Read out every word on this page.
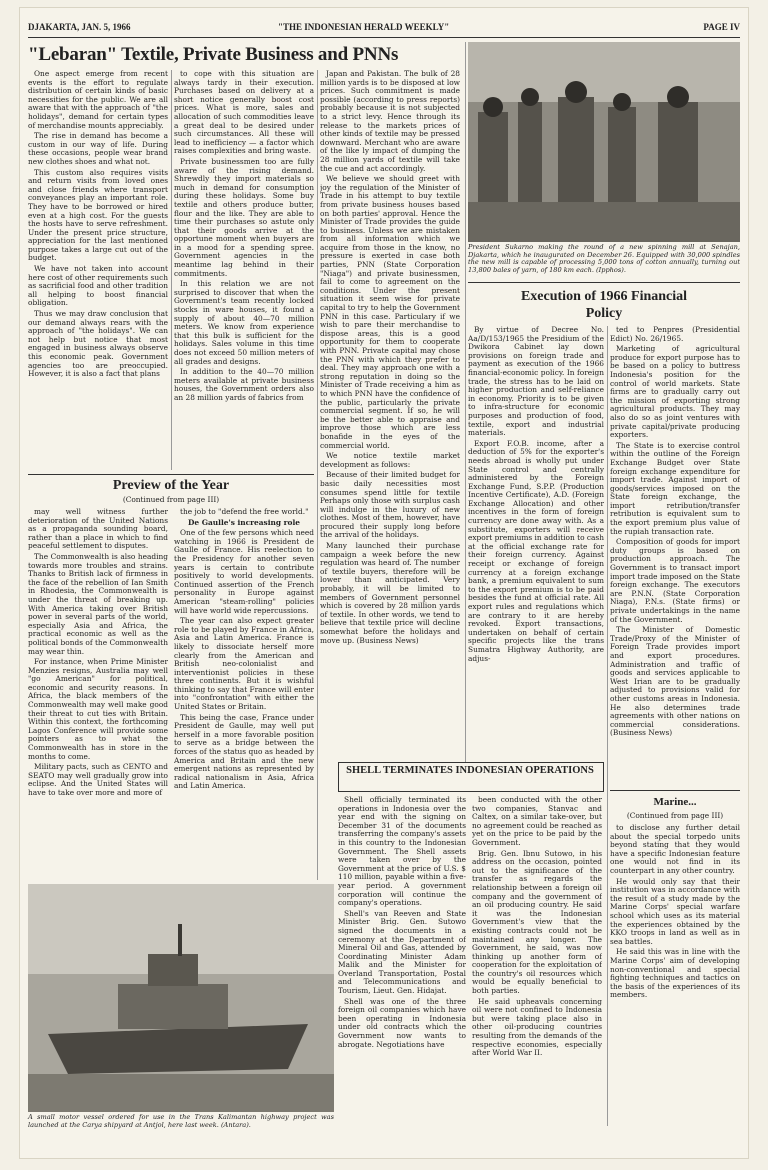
DJAKARTA, JAN. 5, 1966	"THE INDONESIAN HERALD WEEKLY"	PAGE IV
"Lebaran" Textile, Private Business and PNNs

One aspect emerge from recent events is the effort to regulate distribution of certain kinds of basic necessities for the public. We are all aware that with the approach of "the holidays", demand for certain types of merchandise mounts appreciably.

The rise in demand has become a custom in our way of life. During these occasions, people wear brand new clothes shoes and what not.

This custom also requires visits and return visits from loved ones and close friends where transport conveyances play an important role. They have to be borrowed or hired even at a high cost. For the guests the hosts have to serve refreshment. Under the present price structure, appreciation for the last mentioned purpose takes a large cut out of the budget.

We have not taken into account here cost of other requirements such as sacrificial food and other tradition all helping to boost financial obligation.

Thus we may draw conclusion that our demand always rears with the approach of "the holidays". We can not help but notice that most engaged in business always observe this economic peak. Government agencies too are preoccupied. However, it is also a fact that plans

to cope with this situation are always tardy in their execution. Purchases based on delivery at a short notice generally boost cost prices. What is more, sales and allocation of such commodities leave a great deal to be desired under such circumstances. All these will lead to inefficiency — a factor which raises complexities and bring waste.

Private businessmen too are fully aware of the rising demand. Shrewdly they import materials so much in demand for consumption during these holidays. Some buy textile and others produce butter, flour and the like. They are able to time their purchases so astute only that their goods arrive at the opportune moment when buyers are in a mood for a spending spree. Government agencies in the meantime lag behind in their commitments.

In this relation we are not surprised to discover that when the Government's team recently locked stocks in ware houses, it found a supply of about 40—70 million meters. We know from experience that this bulk is sufficient for the holidays. Sales volume in this time does not exceed 50 million meters of all grades and designs.

In addition to the 40—70 million meters available at private business houses, the Government orders also an 28 million yards of fabrics from

Japan and Pakistan. The bulk of 28 million yards is to be disposed at low prices. Such commitment is made possible (according to press reports) probably because it is not subjected to a strict levy. Hence through its release to the markets prices of other kinds of textile may be pressed downward. Merchant who are aware of the like ly impact of dumping the 28 million yards of textile will take the cue and act accordingly.

We believe we should greet with joy the regulation of the Minister of Trade in his attempt to buy textile from private business houses based on both parties' approval. Hence the Minister of Trade provides the guide to business. Unless we are mistaken from all information which we acquire from those in the know, no pressure is exerted in case both parties, PNN (State Corporation "Niaga") and private businessmen, fail to come to agreement on the conditions. Under the present situation it seem wise for private capital to try to help the Government PNN in this case. Particulary if we wish to pare their merchandise to dispose areas, this is a good opportunity for them to cooperate with PNN. Private capital may chose the PNN with which they prefer to deal. They may approach one with a strong reputation in doing so the Minister of Trade receiving a him as to which PNN have the confidence of the public, particularly the private commercial segment. If so, he will be the better able to appraise and improve those which are less bonafide in the eyes of the commercial world.

We notice textile market development as follows:

Because of their limited budget for basic daily necessities most consumes spend little for textile Perhaps only those with surplus cash will indulge in the luxury of new clothes. Most of them, however, have procured their supply long before the arrival of the holidays.

Many launched their purchase campaign a week before the new regulation was heard of. The number of textile buyers, therefore will be lower than anticipated. Very probably, it will be limited to members of Government personnel which is covered by 28 million yards of textile. In other words, we tend to believe that textile price will decline somewhat before the holidays and move up. (Business News)

President Sukarno making the round of a new spinning mill at Senajan, Djakarta, which he inaugurated on December 26. Equipped with 30,000 spindles the new mill is capable of processing 5,000 tons of cotton annually, turning out 13,800 bales of yarn, of 180 km each. (Ipphos).
Execution of 1966 Financial
Policy

By virtue of Decree No. Aa/D/153/1965 the Presidium of the Dwikora Cabinet lay down provisions on foreign trade and payment as execution of the 1966 financial-economic policy. In foreign trade, the stress has to be laid on higher production and self-reliance in economy. Priority is to be given to infra-structure for economic purposes and production of food, textile, export and industrial materials.

Export F.O.B. income, after a deduction of 5% for the exporter's needs abroad is wholly put under State control and centrally administered by the Foreign Exchange Fund, S.P.P. (Production Incentive Certificate), A.D. (Foreign Exchange Allocation) and other incentives in the form of foreign currency are done away with. As a substitute, exporters will receive export premiums in addition to cash at the official exchange rate for their foreign currency. Against receipt or exchange of foreign currency at a foreign exchange bank, a premium equivalent to sum to the export premium is to be paid besides the fund at official rate. All export rules and regulations which are contrary to it are hereby revoked. Export transactions, undertaken on behalf of certain specific projects like the trans Sumatra Highway Authority, are adjus-

ted to Penpres (Presidential Edict) No. 26/1965.

Marketing of agricultural produce for export purpose has to be based on a policy to buttress Indonesia's position for the control of world markets. State firms are to gradually carry out the mission of exporting strong agricultural products. They may also do so as joint ventures with private capital/private producing exporters.

The State is to exercise control within the outline of the Foreign Exchange Budget over State foreign exchange expenditure for import trade. Against import of goods/services imposed on the State foreign exchange, the import retribution/transfer retribution is equivalent sum to the export premium plus value of the rupiah transaction rate.

Composition of goods for import duty groups is based on production approach. The Government is to transact import import trade imposed on the State foreign exchange. The executors are P.N.N. (State Corporation Niaga), P.N.s. (State firms) or private undertakings in the name of the Government.

The Minister of Domestic Trade/Proxy of the Minister of Foreign Trade provides import and export procedures. Administration and traffic of goods and services applicable to West Irian are to be gradually adjusted to provisions valid for other customs areas in Indonesia. He also determines trade agreements with other nations on commercial considerations. (Business News)

Preview of the Year
(Continued from page III)

may well witness further deterioration of the United Nations as a propaganda sounding board, rather than a place in which to find peaceful settlement to disputes.

The Commonwealth is also heading towards more troubles and strains. Thanks to British lack of firmness in the face of the rebellion of Ian Smith in Rhodesia, the Commonwealth is under the threat of breaking up. With America taking over British power in several parts of the world, especially Asia and Africa, the practical economic as well as the political bonds of the Commonwealth may wear thin.

For instance, when Prime Minister Menzies resigns, Australia may well "go American" for political, economic and security reasons. In Africa, the black members of the Commonwealth may well make good their threat to cut ties with Britain. Within this context, the forthcoming Lagos Conference will provide some pointers as to what the Commonwealth has in store in the months to come.

Military pacts, such as CENTO and SEATO may well gradually grow into eclipse. And the United States will have to take over more and more of

the job to "defend the free world."

De Gaulle's increasing role

One of the few persons which need watching in 1966 is President de Gaulle of France. His reelection to the Presidency for another seven years is certain to contribute positively to world developments. Continued assertion of the French personality in Europe against American "steam-rolling" policies will have world wide repercussions.

The year can also expect greater role to be played by France in Africa, Asia and Latin America. France is likely to dissociate herself more clearly from the American and British neo-colonialist and interventionist policies in these three continents. But it is wishful thinking to say that France will enter into "confrontation" with either the United States or Britain.

This being the case, France under President de Gaulle, may well put herself in a more favorable position to serve as a bridge between the forces of the status quo as headed by America and Britain and the new emergent nations as represented by radical nationalism in Asia, Africa and Latin America.

A small motor vessel ordered for use in the Trans Kalimantan highway project was launched at the Carya shipyard at Antjol, here last week. (Antara).
SHELL TERMINATES INDONESIAN OPERATIONS

Shell officially terminated its operations in Indonesia over the year end with the signing on December 31 of the documents transferring the company's assets in this country to the Indonesian Government. The Shell assets were taken over by the Government at the price of U.S. $ 110 million, payable within a five-year period. A government corporation will continue the company's operations.

Shell's van Reeven and State Minister Brig. Gen. Sutowo signed the documents in a ceremony at the Department of Mineral Oil and Gas, attended by Coordinating Minister Adam Malik and the Minister for Overland Transportation, Postal and Telecommunications and Tourism, Lieut. Gen. Hidajat.

Shell was one of the three foreign oil companies which have been operating in Indonesia under old contracts which the Government now wants to abrogate. Negotiations have

been conducted with the other two companies, Stanvac and Caltex, on a similar take-over, but no agreement could be reached as yet on the price to be paid by the Government.

Brig. Gen. Ibnu Sutowo, in his address on the occasion, pointed out to the significance of the transfer as regards the relationship between a foreign oil company and the government of an oil producing country. He said it was the Indonesian Government's view that the existing contracts could not be maintained any longer. The Government, he said, was now thinking up another form of cooperation for the exploitation of the country's oil resources which would be equally beneficial to both parties.

He said upheavals concerning oil were not confined to Indonesia but were taking place also in other oil-producing countries resulting from the demands of the respective economies, especially after World War II.

Marine...
(Continued from page III)

to disclose any further detail about the special torpedo units beyond stating that they would have a specific Indonesian feature one would not find in its counterpart in any other country.

He would only say that their institution was in accordance with the result of a study made by the Marine Corps' special warfare school which uses as its material the experiences obtained by the KKO troops in land as well as in sea battles.

He said this was in line with the Marine Corps' aim of developing non-conventional and special fighting techniques and tactics on the basis of the experiences of its members.
